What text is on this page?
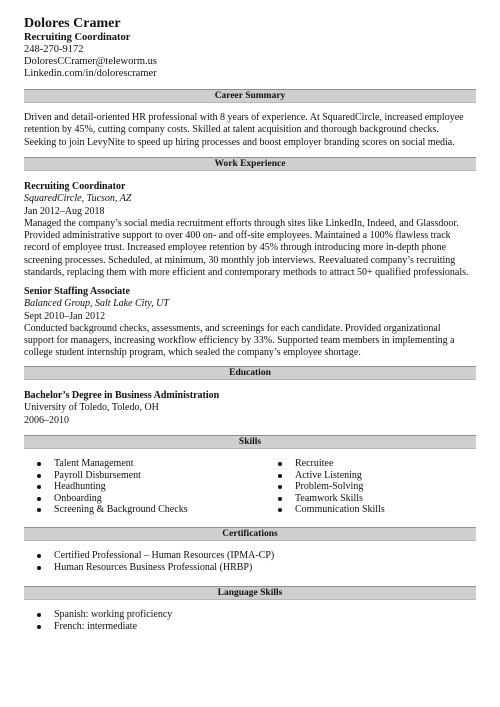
Dolores Cramer
Recruiting Coordinator
248-270-9172
DoloresCCramer@teleworm.us
Linkedin.com/in/dolorescramer
Career Summary
Driven and detail-oriented HR professional with 8 years of experience. At SquaredCircle, increased employee
retention by 45%, cutting company costs. Skilled at talent acquisition and thorough background checks.
Seeking to join LevyNite to speed up hiring processes and boost employer branding scores on social media.
Work Experience
Recruiting Coordinator
SquaredCircle, Tucson, AZ
Jan 2012–Aug 2018
Managed the company’s social media recruitment efforts through sites like LinkedIn, Indeed, and Glassdoor.
Provided administrative support to over 400 on- and off-site employees. Maintained a 100% flawless track
record of employee trust. Increased employee retention by 45% through introducing more in-depth phone
screening processes. Scheduled, at minimum, 30 monthly job interviews. Reevaluated company’s recruiting
standards, replacing them with more efficient and contemporary methods to attract 50+ qualified professionals.
Senior Staffing Associate
Balanced Group, Salt Lake City, UT
Sept 2010–Jan 2012
Conducted background checks, assessments, and screenings for each candidate. Provided organizational
support for managers, increasing workflow efficiency by 33%. Supported team members in implementing a
college student internship program, which sealed the company’s employee shortage.
Education
Bachelor’s Degree in Business Administration
University of Toledo, Toledo, OH
2006–2010
Skills
Talent Management
Payroll Disbursement
Headhunting
Onboarding
Screening & Background Checks
Recruitee
Active Listening
Problem-Solving
Teamwork Skills
Communication Skills
Certifications
Certified Professional – Human Resources (IPMA-CP)
Human Resources Business Professional (HRBP)
Language Skills
Spanish: working proficiency
French: intermediate
